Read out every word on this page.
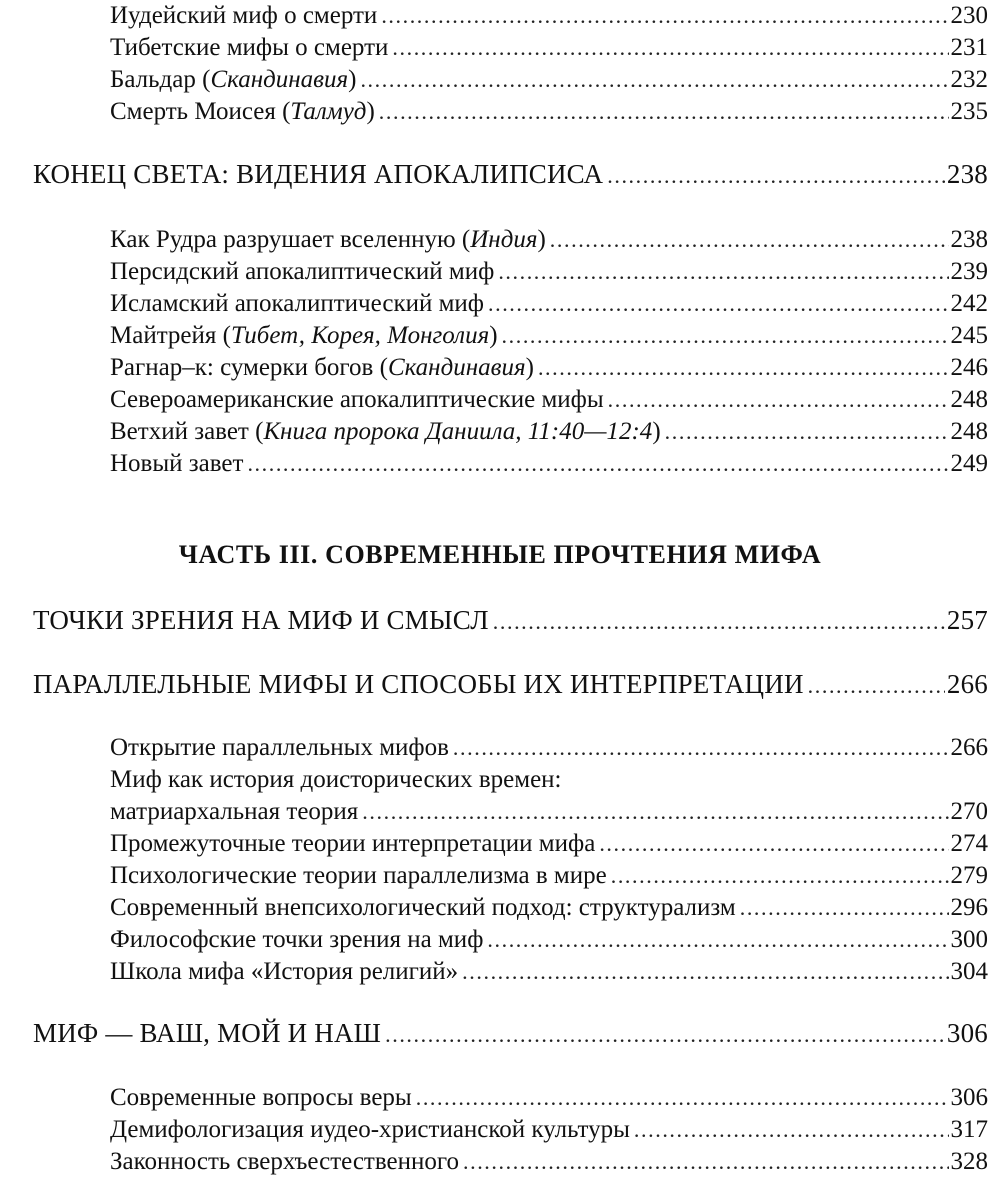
Иудейский миф о смерти .....	230
Тибетские мифы о смерти .....	231
Бальдар (Скандинавия) .....	232
Смерть Моисея (Талмуд) .....	235
КОНЕЦ СВЕТА: ВИДЕНИЯ АПОКАЛИПСИСА .....	238
Как Рудра разрушает вселенную (Индия) .....	238
Персидский апокалиптический миф .....	239
Исламский апокалиптический миф .....	242
Майтрейя (Тибет, Корея, Монголия) .....	245
Рагнар–к: сумерки богов (Скандинавия) .....	246
Североамериканские апокалиптические мифы .....	248
Ветхий завет (Книга пророка Даниила, 11:40—12:4) .....	248
Новый завет .....	249
ЧАСТЬ III. СОВРЕМЕННЫЕ ПРОЧТЕНИЯ МИФА
ТОЧКИ ЗРЕНИЯ НА МИФ И СМЫСЛ .....	257
ПАРАЛЛЕЛЬНЫЕ МИФЫ И СПОСОБЫ ИХ ИНТЕРПРЕТАЦИИ .....	266
Открытие параллельных мифов .....	266
Миф как история доисторических времен:
матриархальная теория .....	270
Промежуточные теории интерпретации мифа .....	274
Психологические теории параллелизма в мире .....	279
Современный внепсихологический подход: структурализм .....	296
Философские точки зрения на миф .....	300
Школа мифа «История религий» .....	304
МИФ — ВАШ, МОЙ И НАШ .....	306
Современные вопросы веры .....	306
Демифологизация иудео-христианской культуры .....	317
Законность сверхъестественного .....	328
